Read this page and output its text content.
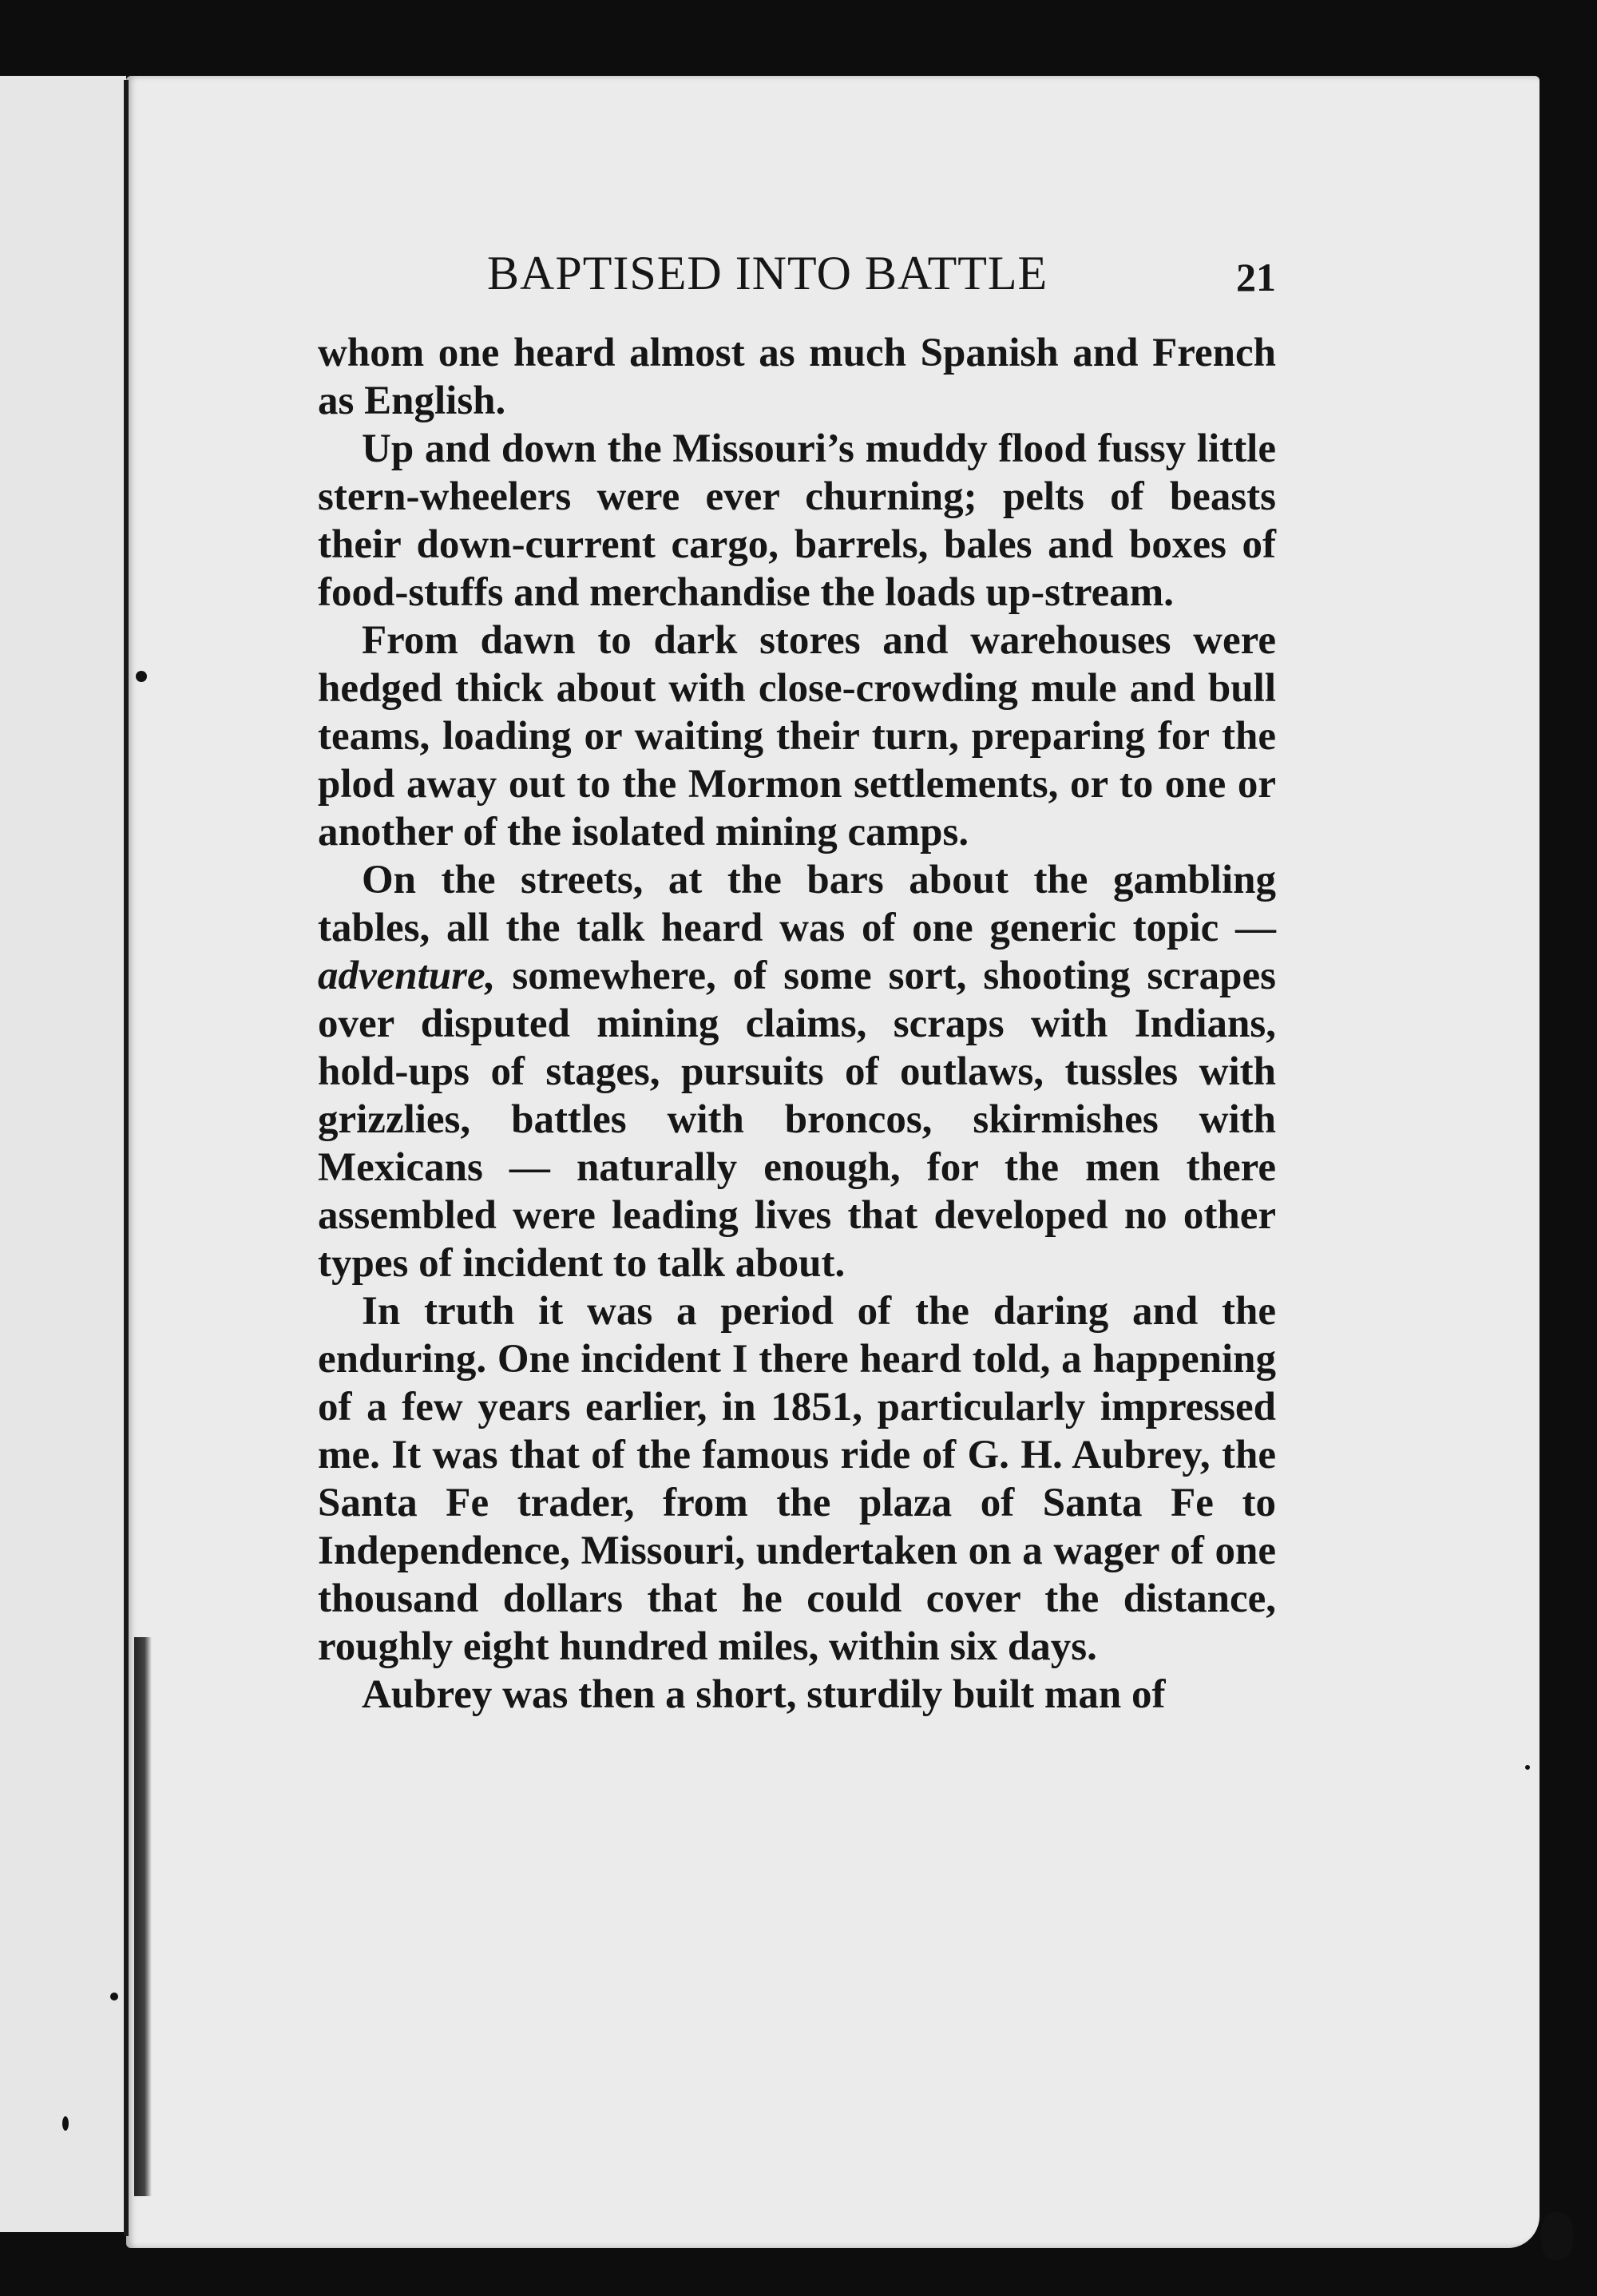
BAPTISED INTO BATTLE	21

whom one heard almost as much Spanish and French as English.

Up and down the Missouri’s muddy flood fussy little stern-wheelers were ever churning; pelts of beasts their down-current cargo, barrels, bales and boxes of food-stuffs and merchandise the loads up-stream.

From dawn to dark stores and warehouses were hedged thick about with close-crowding mule and bull teams, loading or waiting their turn, preparing for the plod away out to the Mormon settlements, or to one or another of the isolated mining camps.

On the streets, at the bars about the gambling tables, all the talk heard was of one generic topic — adventure, somewhere, of some sort, shooting scrapes over disputed mining claims, scraps with Indians, hold-ups of stages, pursuits of outlaws, tussles with grizzlies, battles with broncos, skirmishes with Mexicans — naturally enough, for the men there assembled were leading lives that developed no other types of incident to talk about.

In truth it was a period of the daring and the enduring. One incident I there heard told, a happening of a few years earlier, in 1851, particularly impressed me. It was that of the famous ride of G. H. Aubrey, the Santa Fe trader, from the plaza of Santa Fe to Independence, Missouri, undertaken on a wager of one thousand dollars that he could cover the distance, roughly eight hundred miles, within six days.

Aubrey was then a short, sturdily built man of
